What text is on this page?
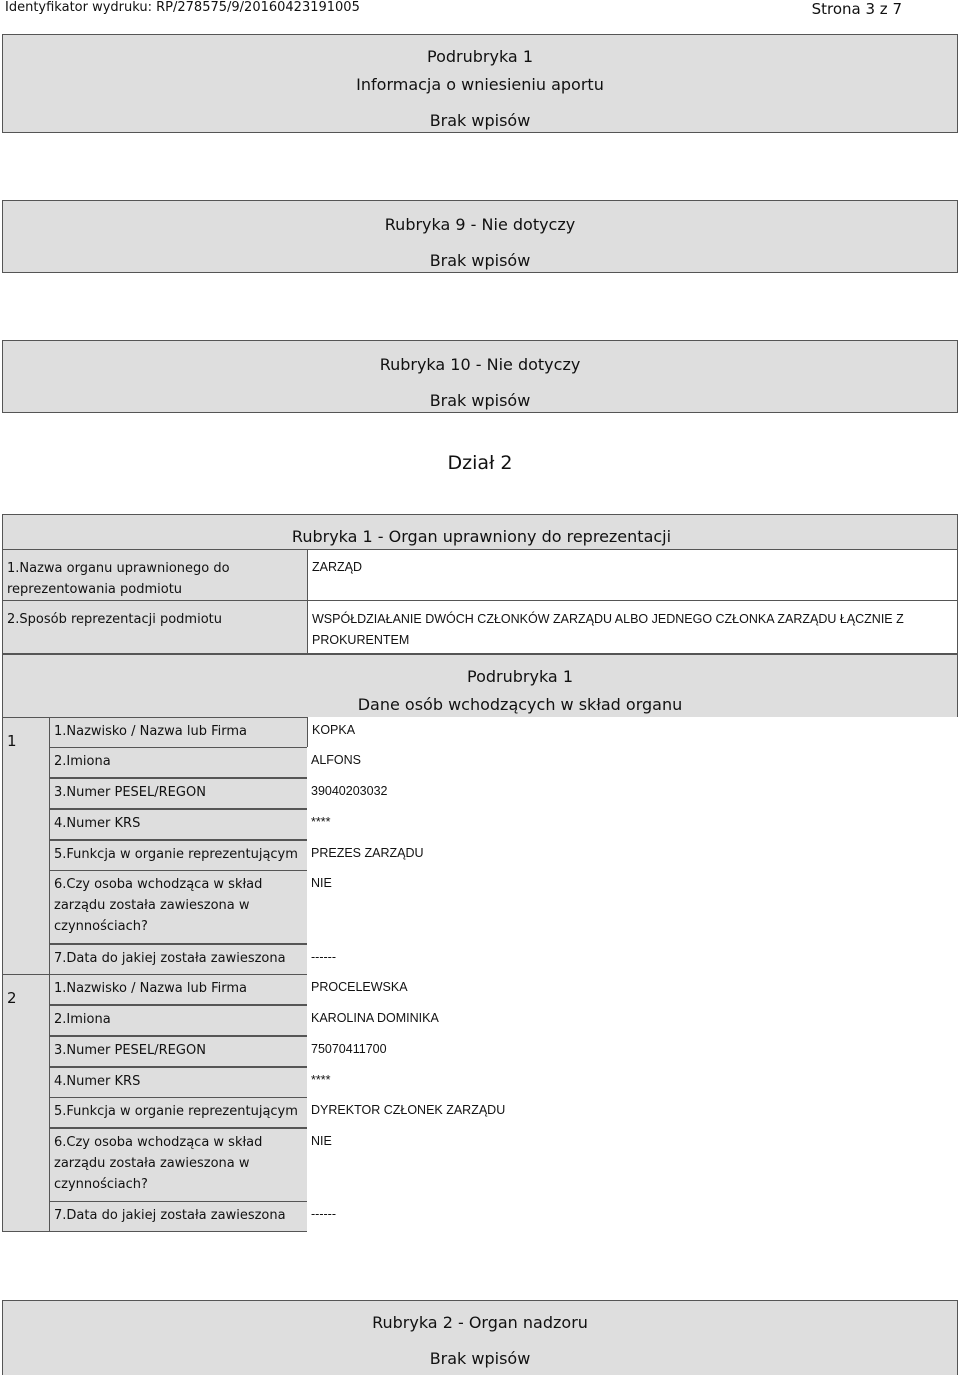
Identyfikator wydruku: RP/278575/9/20160423191005	Strona 3 z 7
Podrubryka 1
Informacja o wniesieniu aportu
Brak wpisów
Rubryka 9 - Nie dotyczy
Brak wpisów
Rubryka 10 - Nie dotyczy
Brak wpisów
Dział 2
Rubryka 1 - Organ uprawniony do reprezentacji
1.Nazwa organu uprawnionego do reprezentowania podmiotu
ZARZĄD
2.Sposób reprezentacji podmiotu	WSPÓŁDZIAŁANIE DWÓCH CZŁONKÓW ZARZĄDU ALBO JEDNEGO CZŁONKA ZARZĄDU ŁĄCZNIE Z PROKURENTEM
Podrubryka 1
Dane osób wchodzących w skład organu
1
1.Nazwisko / Nazwa lub Firma	KOPKA
2.Imiona	ALFONS
3.Numer PESEL/REGON	39040203032
4.Numer KRS	****
5.Funkcja w organie reprezentującym	PREZES ZARZĄDU
6.Czy osoba wchodząca w skład zarządu została zawieszona w czynnościach?
NIE
7.Data do jakiej została zawieszona	------
2
1.Nazwisko / Nazwa lub Firma	PROCELEWSKA
2.Imiona	KAROLINA DOMINIKA
3.Numer PESEL/REGON	75070411700
4.Numer KRS	****
5.Funkcja w organie reprezentującym	DYREKTOR CZŁONEK ZARZĄDU
6.Czy osoba wchodząca w skład zarządu została zawieszona w czynnościach?
NIE
7.Data do jakiej została zawieszona	------
Rubryka 2 - Organ nadzoru
Brak wpisów
